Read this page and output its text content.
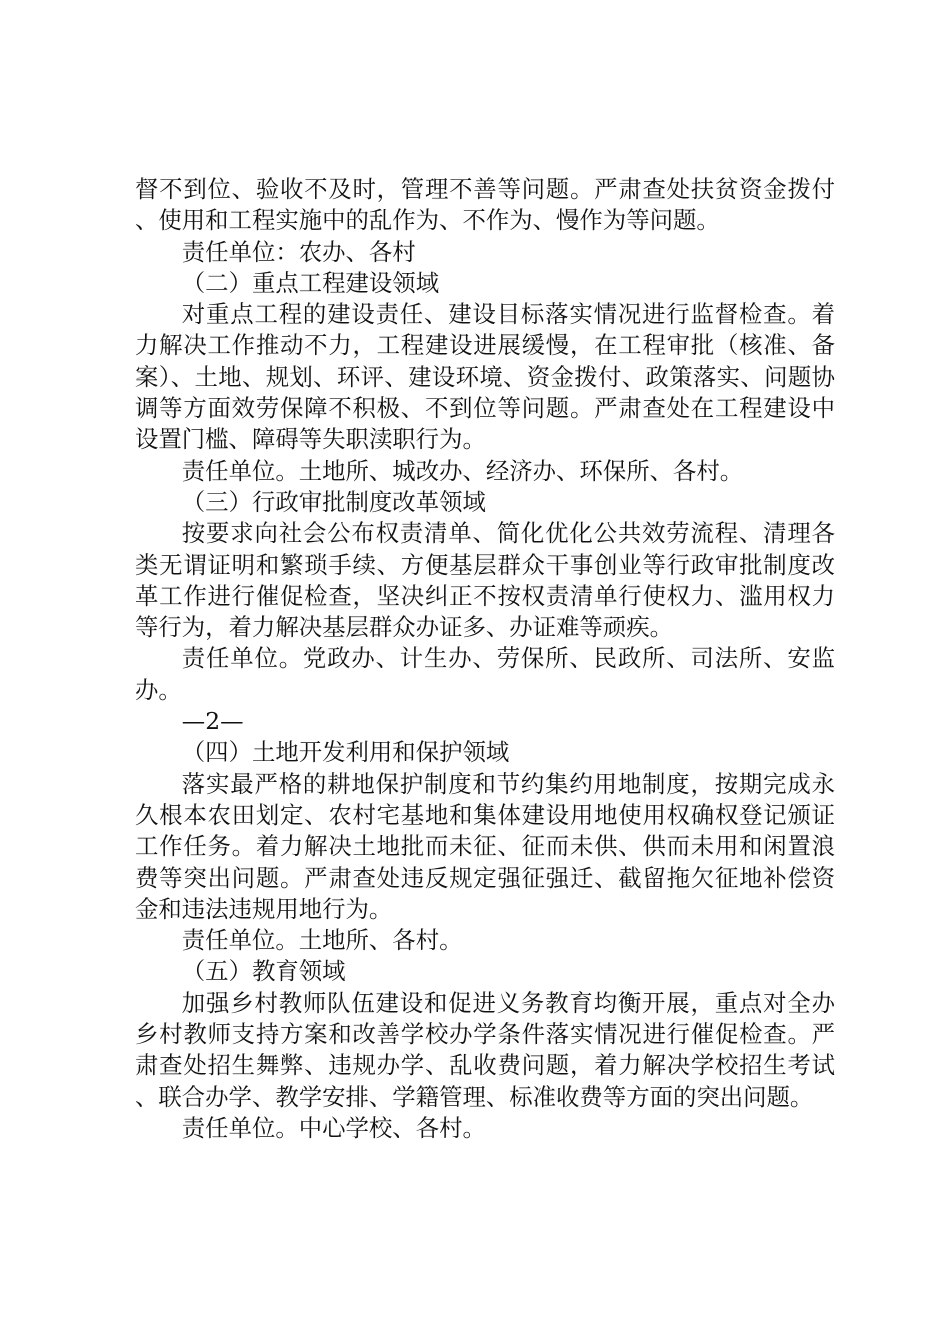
督不到位、验收不及时，管理不善等问题。严肃查处扶贫资金拨付、使用和工程实施中的乱作为、不作为、慢作为等问题。

责任单位：农办、各村

（二）重点工程建设领域

对重点工程的建设责任、建设目标落实情况进行监督检查。着力解决工作推动不力，工程建设进展缓慢，在工程审批（核准、备案）、土地、规划、环评、建设环境、资金拨付、政策落实、问题协调等方面效劳保障不积极、不到位等问题。严肃查处在工程建设中设置门槛、障碍等失职渎职行为。

责任单位。土地所、城改办、经济办、环保所、各村。

（三）行政审批制度改革领域

按要求向社会公布权责清单、简化优化公共效劳流程、清理各类无谓证明和繁琐手续、方便基层群众干事创业等行政审批制度改革工作进行催促检查，坚决纠正不按权责清单行使权力、滥用权力等行为，着力解决基层群众办证多、办证难等顽疾。

责任单位。党政办、计生办、劳保所、民政所、司法所、安监办。

—2—

（四）土地开发利用和保护领域

落实最严格的耕地保护制度和节约集约用地制度，按期完成永久根本农田划定、农村宅基地和集体建设用地使用权确权登记颁证工作任务。着力解决土地批而未征、征而未供、供而未用和闲置浪费等突出问题。严肃查处违反规定强征强迁、截留拖欠征地补偿资金和违法违规用地行为。

责任单位。土地所、各村。

（五）教育领域

加强乡村教师队伍建设和促进义务教育均衡开展，重点对全办乡村教师支持方案和改善学校办学条件落实情况进行催促检查。严肃查处招生舞弊、违规办学、乱收费问题，着力解决学校招生考试、联合办学、教学安排、学籍管理、标准收费等方面的突出问题。

责任单位。中心学校、各村。
